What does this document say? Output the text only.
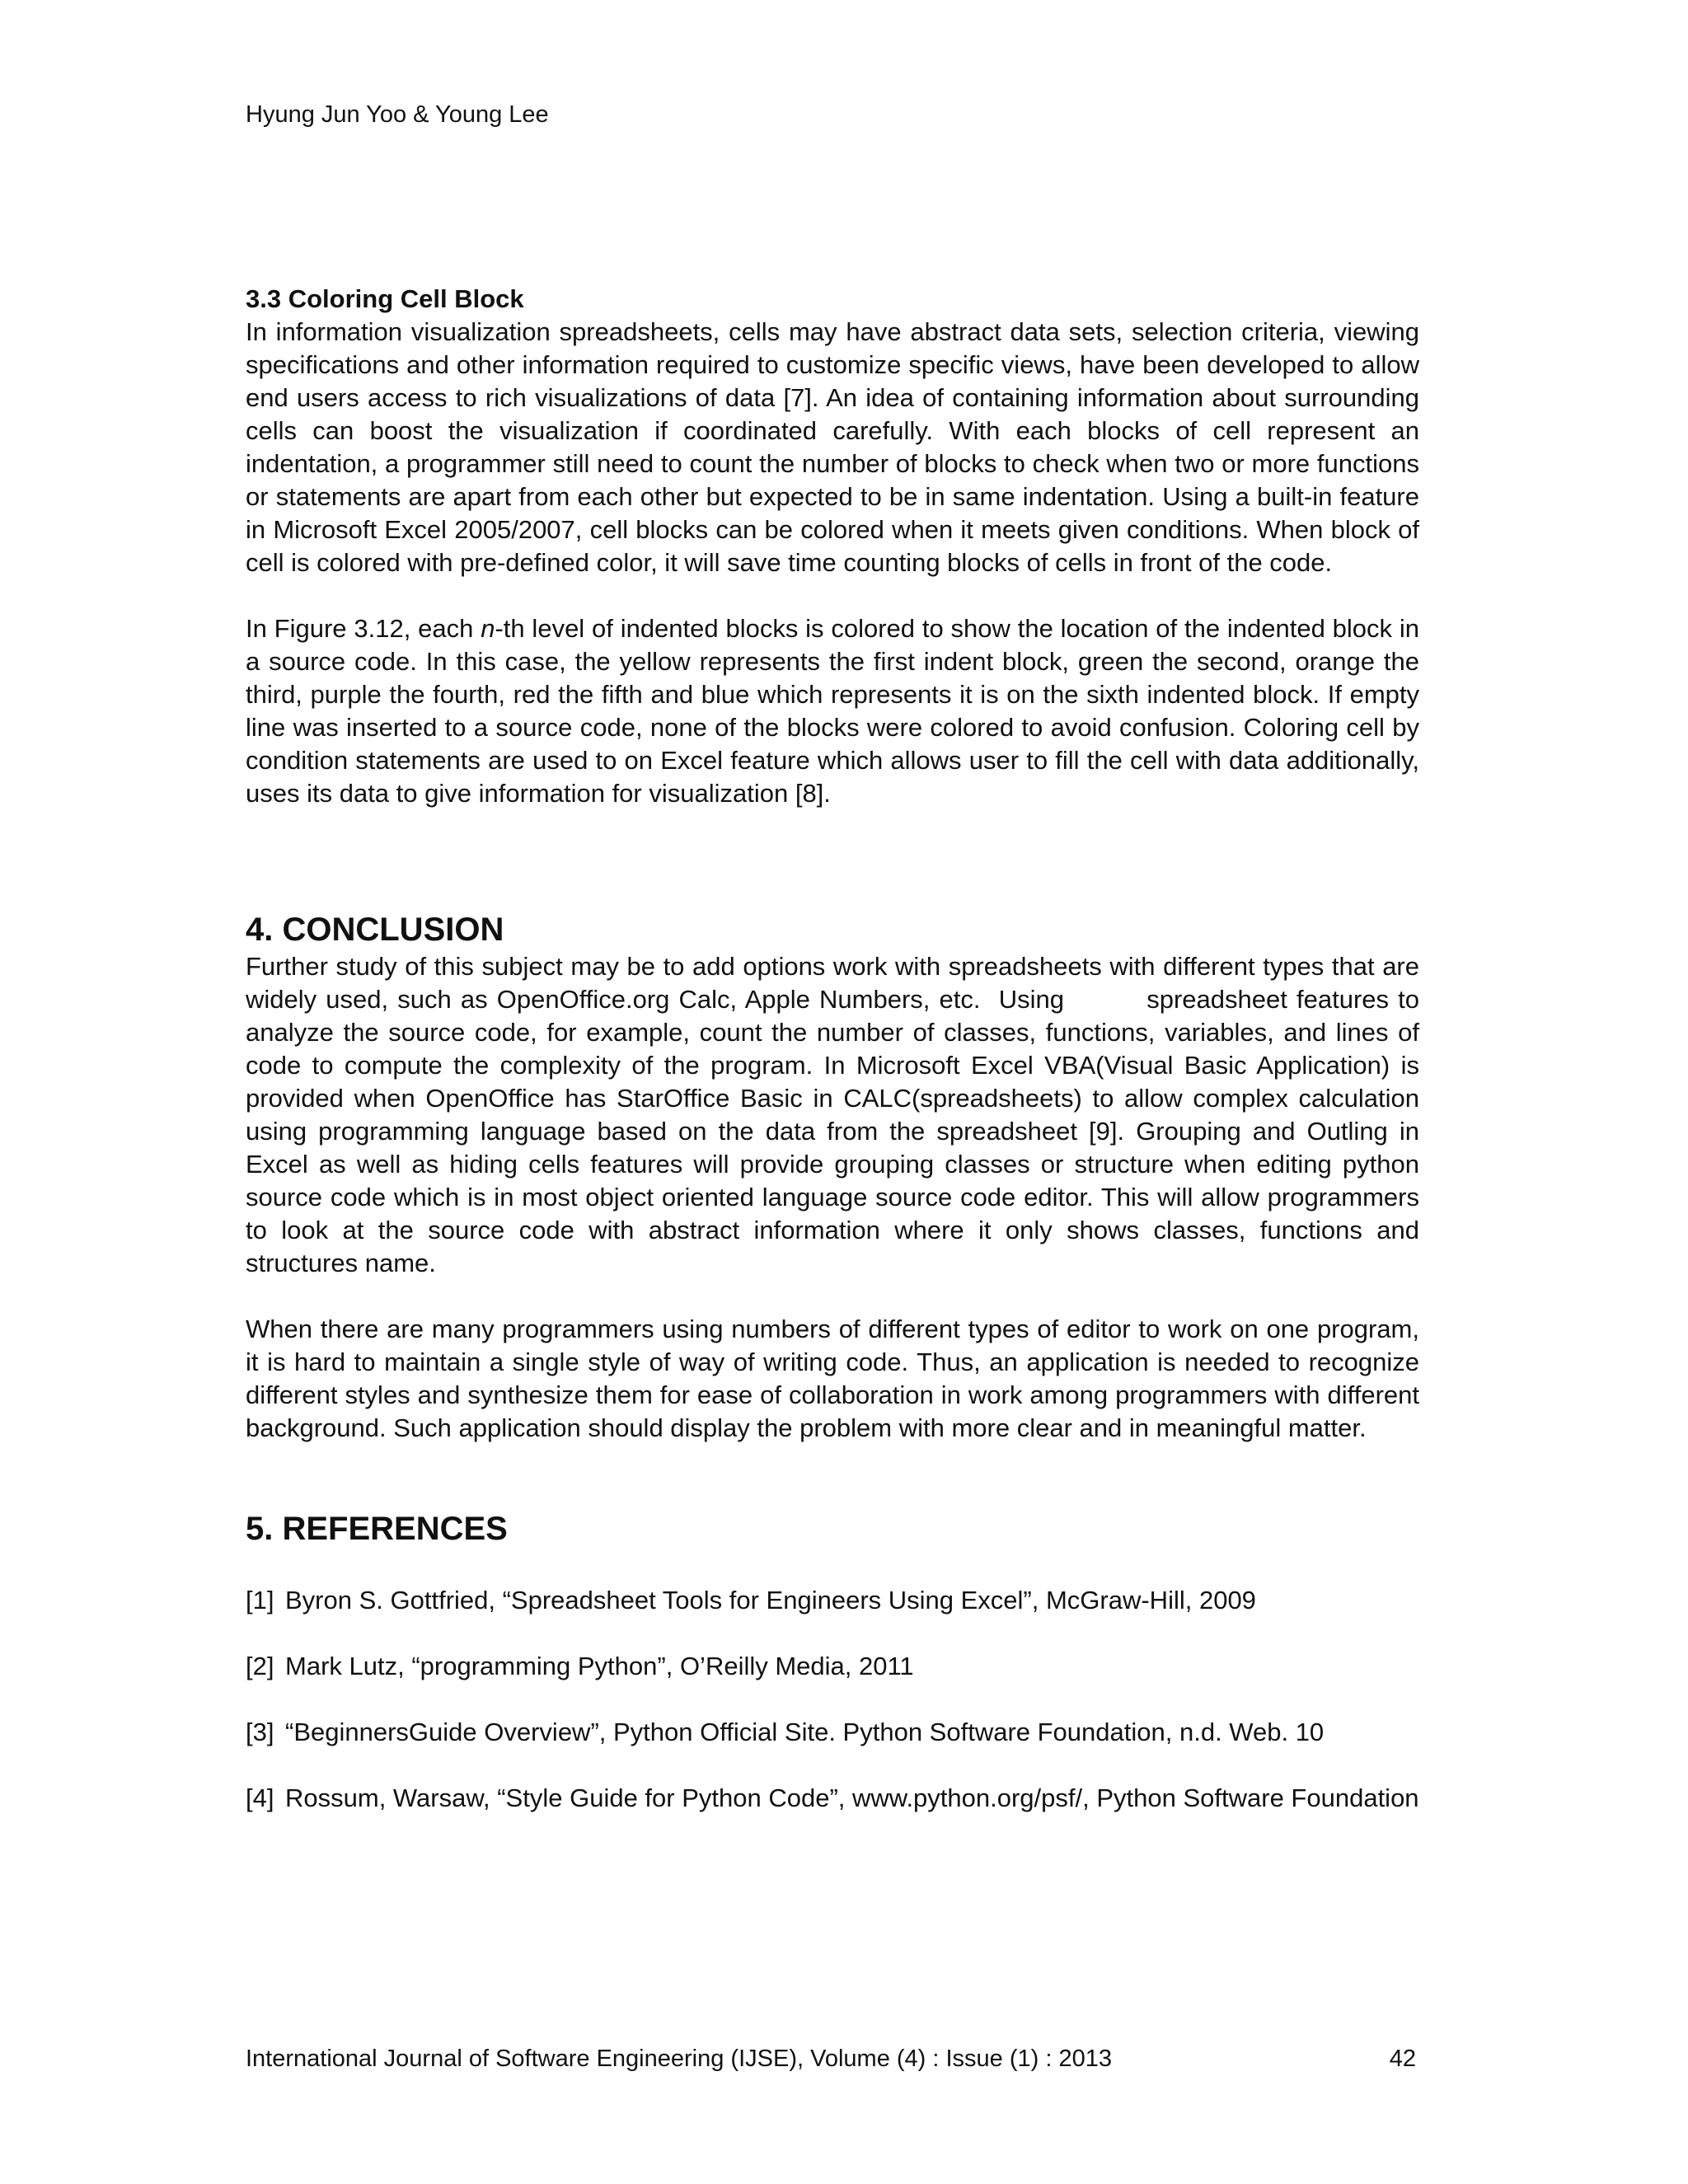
Hyung Jun Yoo & Young Lee
3.3 Coloring Cell Block

In information visualization spreadsheets, cells may have abstract data sets, selection criteria, viewing specifications and other information required to customize specific views, have been developed to allow end users access to rich visualizations of data [7]. An idea of containing information about surrounding cells can boost the visualization if coordinated carefully. With each blocks of cell represent an indentation, a programmer still need to count the number of blocks to check when two or more functions or statements are apart from each other but expected to be in same indentation. Using a built-in feature in Microsoft Excel 2005/2007, cell blocks can be colored when it meets given conditions. When block of cell is colored with pre-defined color, it will save time counting blocks of cells in front of the code.

In Figure 3.12, each n-th level of indented blocks is colored to show the location of the indented block in a source code. In this case, the yellow represents the first indent block, green the second, orange the third, purple the fourth, red the fifth and blue which represents it is on the sixth indented block. If empty line was inserted to a source code, none of the blocks were colored to avoid confusion. Coloring cell by condition statements are used to on Excel feature which allows user to fill the cell with data additionally, uses its data to give information for visualization [8].

4. CONCLUSION

Further study of this subject may be to add options work with spreadsheets with different types that are widely used, such as OpenOffice.org Calc, Apple Numbers, etc.  Using         spreadsheet features to analyze the source code, for example, count the number of classes, functions, variables, and lines of code to compute the complexity of the program. In Microsoft Excel VBA(Visual Basic Application) is provided when OpenOffice has StarOffice Basic in CALC(spreadsheets) to allow complex calculation using programming language based on the data from the spreadsheet [9]. Grouping and Outling in Excel as well as hiding cells features will provide grouping classes or structure when editing python source code which is in most object oriented language source code editor. This will allow programmers to look at the source code with abstract information where it only shows classes, functions and structures name.

When there are many programmers using numbers of different types of editor to work on one program, it is hard to maintain a single style of way of writing code. Thus, an application is needed to recognize different styles and synthesize them for ease of collaboration in work among programmers with different background. Such application should display the problem with more clear and in meaningful matter.

5. REFERENCES
[1] Byron S. Gottfried, “Spreadsheet Tools for Engineers Using Excel”, McGraw-Hill, 2009
[2] Mark Lutz, “programming Python”, O’Reilly Media, 2011
[3] “BeginnersGuide Overview”, Python Official Site. Python Software Foundation, n.d. Web. 10
[4] Rossum, Warsaw, “Style Guide for Python Code”, www.python.org/psf/, Python Software Foundation
International Journal of Software Engineering (IJSE), Volume (4) : Issue (1) : 2013	42
